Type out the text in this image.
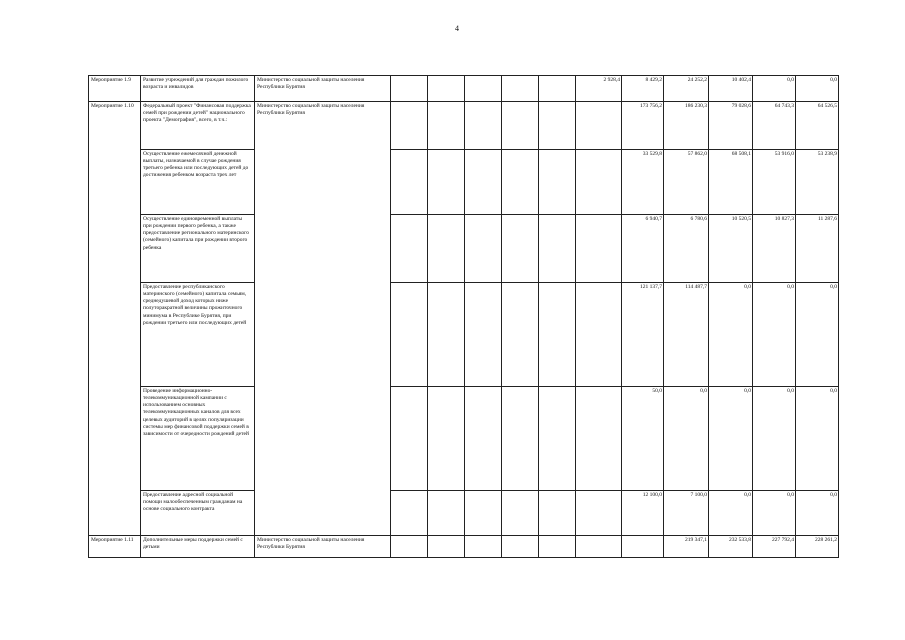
4
Мероприятие 1.9	Развитие учреждений для граждан пожилого возраста и инвалидов	Министерство социальной защиты населения Республики Бурятия						2 928,4	8 429,2	24 252,2	10 402,4	0,0	0,0
Мероприятие 1.10	Федеральный проект "Финансовая поддержка семей при рождении детей" национального проекта "Демография", всего, в т.ч.:	Министерство социальной защиты населения Республики Бурятия							173 756,2	186 230,3	79 028,6	64 743,3	64 526,5
	Осуществление ежемесячной денежной выплаты, назначаемой в случае рождения третьего ребенка или последующих детей до достижения ребенком возраста трех лет								33 529,8	57 862,0	68 508,1	53 916,0	53 238,9
	Осуществление единовременной выплаты при рождении первого ребенка, а также предоставление регионального материнского (семейного) капитала при рождении второго ребенка								6 940,7	6 780,6	10 520,5	10 827,3	11 287,6
	Предоставление республиканского материнского (семейного) капитала семьям, среднедушевой доход которых ниже полуторакратной величины прожиточного минимума в Республике Бурятия, при рождении третьего или последующих детей								121 137,7	114 487,7	0,0	0,0	0,0
	Проведение информационно-телекоммуникационной кампании с использованием основных телекоммуникационных каналов для всех целевых аудиторий в целях популяризации системы мер финансовой поддержки семей в зависимости от очередности рождений детей								50,0	0,0	0,0	0,0	0,0
	Предоставление адресной социальной помощи малообеспеченным гражданам на основе социального контракта								12 100,0	7 100,0	0,0	0,0	0,0
Мероприятие 1.11	Дополнительные меры поддержки семей с детьми	Министерство социальной защиты населения Республики Бурятия								219 347,1	232 533,8	227 792,4	228 261,2
